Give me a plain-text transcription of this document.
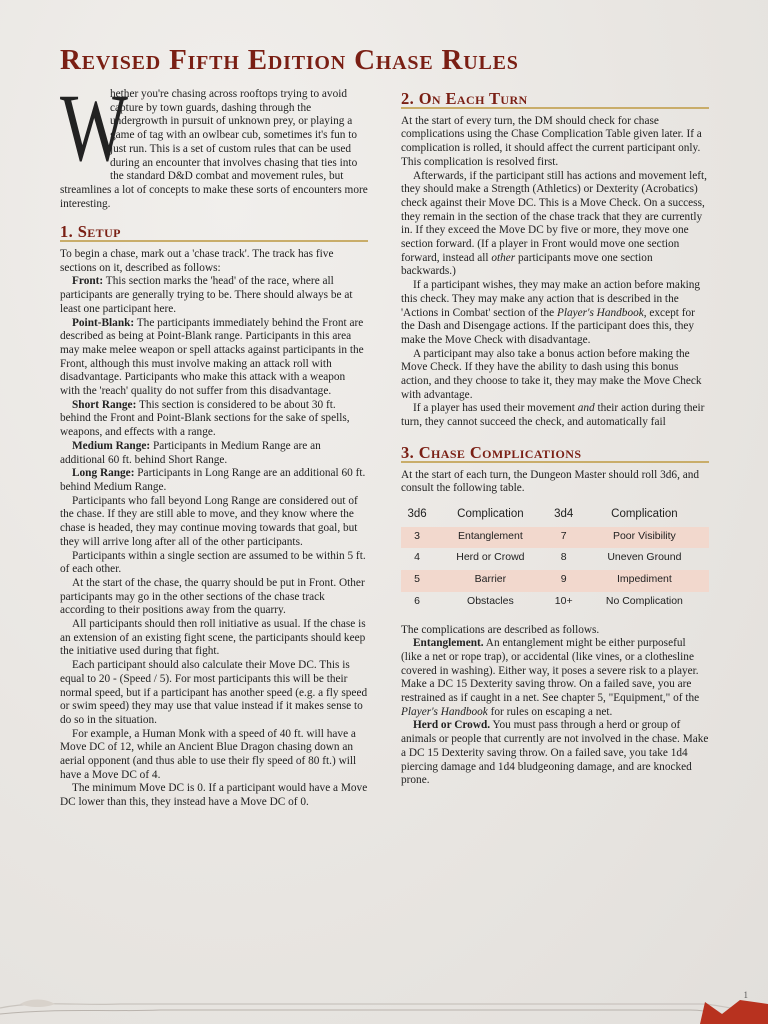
Revised Fifth Edition Chase Rules
W

hether you're chasing across rooftops trying to avoid capture by town guards, dashing through the undergrowth in pursuit of unknown prey, or playing a game of tag with an owlbear cub, sometimes it's fun to just run. This is a set of custom rules that can be used during an encounter that involves chasing that ties into the standard D&D combat and movement rules, but streamlines a lot of concepts to make these sorts of encounters more interesting.

1. Setup

To begin a chase, mark out a 'chase track'. The track has five sections on it, described as follows:

Front: This section marks the 'head' of the race, where all participants are generally trying to be. There should always be at least one participant here.

Point-Blank: The participants immediately behind the Front are described as being at Point-Blank range. Participants in this area may make melee weapon or spell attacks against participants in the Front, although this must involve making an attack roll with disadvantage. Participants who make this attack with a weapon with the 'reach' quality do not suffer from this disadvantage.

Short Range: This section is considered to be about 30 ft. behind the Front and Point-Blank sections for the sake of spells, weapons, and effects with a range.

Medium Range: Participants in Medium Range are an additional 60 ft. behind Short Range.

Long Range: Participants in Long Range are an additional 60 ft. behind Medium Range.

Participants who fall beyond Long Range are considered out of the chase. If they are still able to move, and they know where the chase is headed, they may continue moving towards that goal, but they will arrive long after all of the other participants.

Participants within a single section are assumed to be within 5 ft. of each other.

At the start of the chase, the quarry should be put in Front. Other participants may go in the other sections of the chase track according to their positions away from the quarry.

All participants should then roll initiative as usual. If the chase is an extension of an existing fight scene, the participants should keep the initiative used during that fight.

Each participant should also calculate their Move DC. This is equal to 20 - (Speed / 5). For most participants this will be their normal speed, but if a participant has another speed (e.g. a fly speed or swim speed) they may use that value instead if it makes sense to do so in the situation.

For example, a Human Monk with a speed of 40 ft. will have a Move DC of 12, while an Ancient Blue Dragon chasing down an aerial opponent (and thus able to use their fly speed of 80 ft.) will have a Move DC of 4.

The minimum Move DC is 0. If a participant would have a Move DC lower than this, they instead have a Move DC of 0.

2. On Each Turn

At the start of every turn, the DM should check for chase complications using the Chase Complication Table given later. If a complication is rolled, it should affect the current participant only. This complication is resolved first.

Afterwards, if the participant still has actions and movement left, they should make a Strength (Athletics) or Dexterity (Acrobatics) check against their Move DC. This is a Move Check. On a success, they remain in the section of the chase track that they are currently in. If they exceed the Move DC by five or more, they move one section forward. (If a player in Front would move one section forward, instead all other participants move one section backwards.)

If a participant wishes, they may make an action before making this check. They may make any action that is described in the 'Actions in Combat' section of the Player's Handbook, except for the Dash and Disengage actions. If the participant does this, they make the Move Check with disadvantage.

A participant may also take a bonus action before making the Move Check. If they have the ability to dash using this bonus action, and they choose to take it, they may make the Move Check with advantage.

If a player has used their movement and their action during their turn, they cannot succeed the check, and automatically fail

3. Chase Complications

At the start of each turn, the Dungeon Master should roll 3d6, and consult the following table.

3d6	Complication	3d4	Complication
3	Entanglement	7	Poor Visibility
4	Herd or Crowd	8	Uneven Ground
5	Barrier	9	Impediment
6	Obstacles	10+	No Complication

The complications are described as follows.

Entanglement. An entanglement might be either purposeful (like a net or rope trap), or accidental (like vines, or a clothesline covered in washing). Either way, it poses a severe risk to a player. Make a DC 15 Dexterity saving throw. On a failed save, you are restrained as if caught in a net. See chapter 5, "Equipment," of the Player's Handbook for rules on escaping a net.

Herd or Crowd. You must pass through a herd or group of animals or people that currently are not involved in the chase. Make a DC 15 Dexterity saving throw. On a failed save, you take 1d4 piercing damage and 1d4 bludgeoning damage, and are knocked prone.

1
